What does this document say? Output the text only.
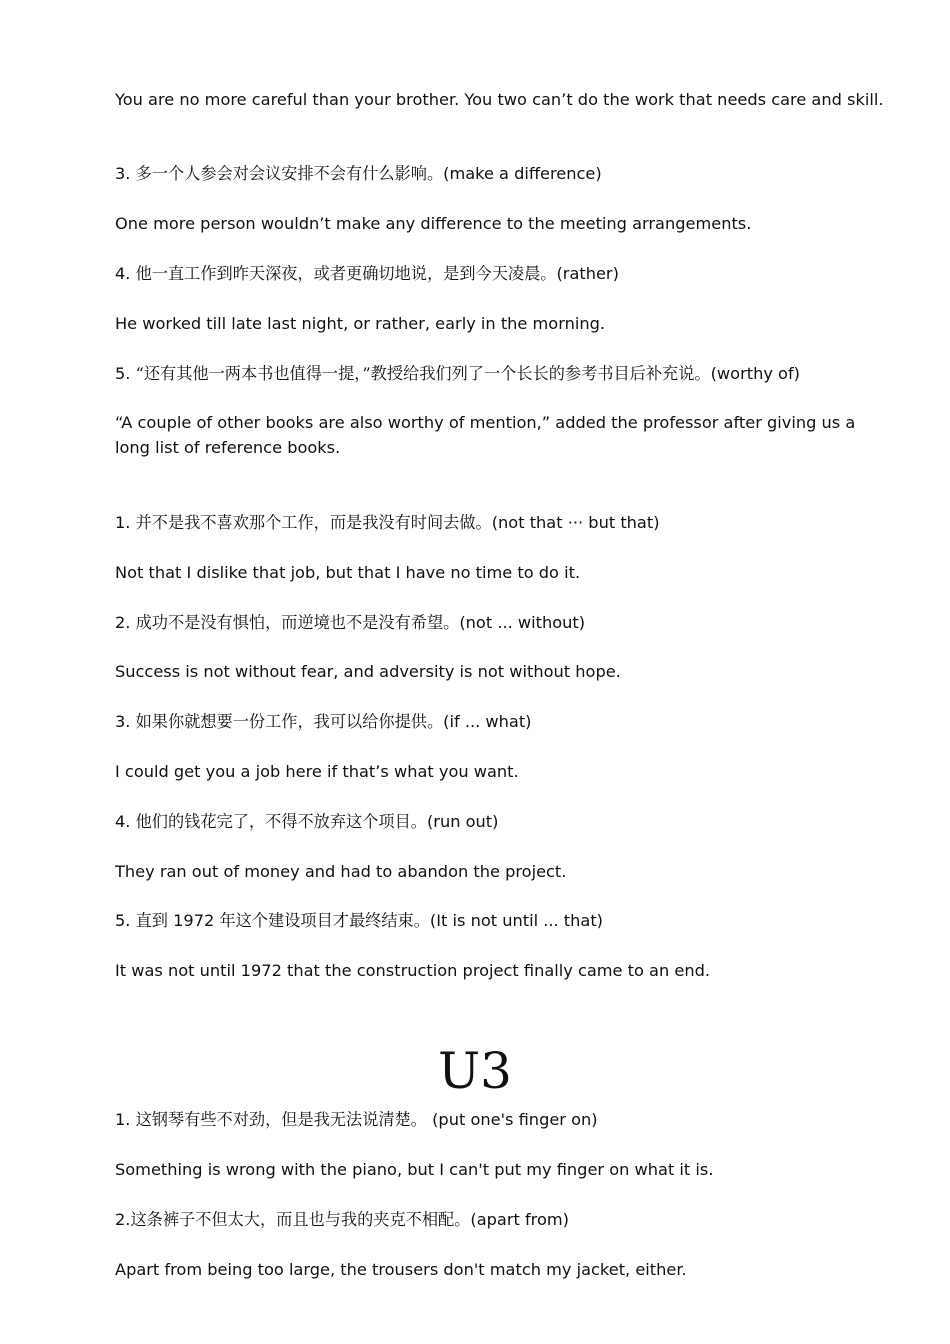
You are no more careful than your brother. You two can’t do the work that needs care and skill.

3. 多一个人参会对会议安排不会有什么影响。(make a difference)

One more person wouldn’t make any difference to the meeting arrangements.

4. 他一直工作到昨天深夜，或者更确切地说，是到今天凌晨。(rather)

He worked till late last night, or rather, early in the morning.

5. “还有其他一两本书也值得一提，”教授给我们列了一个长长的参考书目后补充说。(worthy of)

“A couple of other books are also worthy of mention,” added the professor after giving us a long list of reference books.

1. 并不是我不喜欢那个工作，而是我没有时间去做。(not that ··· but that)

Not that I dislike that job, but that I have no time to do it.

2. 成功不是没有惧怕，而逆境也不是没有希望。(not ... without)

Success is not without fear, and adversity is not without hope.

3. 如果你就想要一份工作，我可以给你提供。(if ... what)

I could get you a job here if that’s what you want.

4. 他们的钱花完了，不得不放弃这个项目。(run out)

They ran out of money and had to abandon the project.

5. 直到 1972 年这个建设项目才最终结束。(It is not until ... that)

It was not until 1972 that the construction project finally came to an end.

U3

1. 这钢琴有些不对劲，但是我无法说清楚。 (put one's finger on)

Something is wrong with the piano, but I can't put my finger on what it is.

2.这条裤子不但太大，而且也与我的夹克不相配。(apart from)

Apart from being too large, the trousers don't match my jacket, either.
